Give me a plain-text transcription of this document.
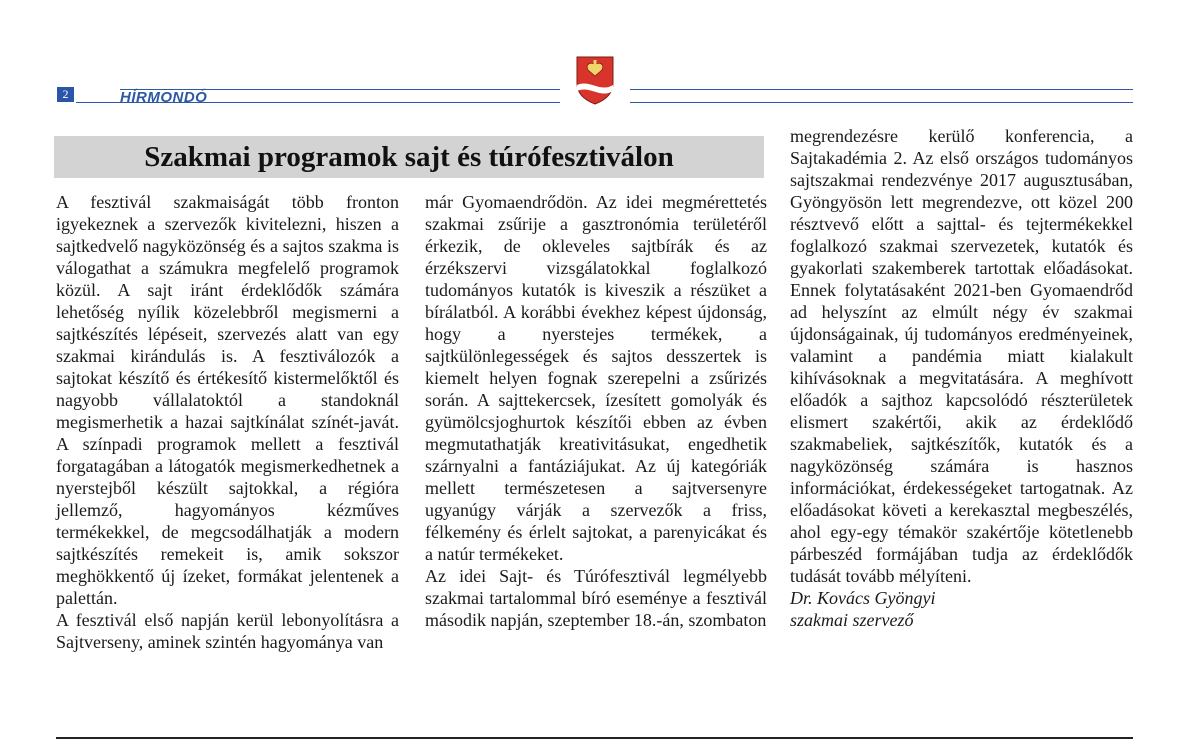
2	HÍRMONDÓ
Szakmai programok sajt és túrófesztiválon

A fesztivál szakmaiságát több fronton igyekeznek a szervezők kivitelezni, hiszen a sajtkedvelő nagyközönség és a sajtos szakma is válogathat a számukra megfelelő programok közül. A sajt iránt érdeklődők számára lehetőség nyílik közelebbről megismerni a sajtkészítés lépéseit, szervezés alatt van egy szakmai kirándulás is. A fesztiválozók a sajtokat készítő és értékesítő kistermelőktől és nagyobb vállalatoktól a standoknál megismerhetik a hazai sajtkínálat színét-javát. A színpadi programok mellett a fesztivál forgatagában a látogatók megismerkedhetnek a nyerstejből készült sajtokkal, a régióra jellemző, hagyományos kézműves termékekkel, de megcsodálhatják a modern sajtkészítés remekeit is, amik sokszor meghökkentő új ízeket, formákat jelentenek a palettán.

A fesztivál első napján kerül lebonyolításra a Sajtverseny, aminek szintén hagyománya van

már Gyomaendrődön. Az idei megmérettetés szakmai zsűrije a gasztronómia területéről érkezik, de okleveles sajtbírák és az érzékszervi vizsgálatokkal foglalkozó tudományos kutatók is kiveszik a részüket a bírálatból. A korábbi évekhez képest újdonság, hogy a nyerstejes termékek, a sajtkülönlegességek és sajtos desszertek is kiemelt helyen fognak szerepelni a zsűrizés során. A sajttekercsek, ízesített gomolyák és gyümölcsjoghurtok készítői ebben az évben megmutathatják kreativitásukat, engedhetik szárnyalni a fantáziájukat. Az új kategóriák mellett természetesen a sajtversenyre ugyanúgy várják a szervezők a friss, félkemény és érlelt sajtokat, a parenyicákat és a natúr termékeket.

Az idei Sajt- és Túrófesztivál legmélyebb szakmai tartalommal bíró eseménye a fesztivál második napján, szeptember 18.-án, szombaton

megrendezésre kerülő konferencia, a Sajtakadémia 2. Az első országos tudományos sajtszakmai rendezvénye 2017 augusztusában, Gyöngyösön lett megrendezve, ott közel 200 résztvevő előtt a sajttal- és tejtermékekkel foglalkozó szakmai szervezetek, kutatók és gyakorlati szakemberek tartottak előadásokat. Ennek folytatásaként 2021-ben Gyomaendrőd ad helyszínt az elmúlt négy év szakmai újdonságainak, új tudományos eredményeinek, valamint a pandémia miatt kialakult kihívásoknak a megvitatására. A meghívott előadók a sajthoz kapcsolódó részterületek elismert szakértői, akik az érdeklődő szakmabeliek, sajtkészítők, kutatók és a nagyközönség számára is hasznos információkat, érdekességeket tartogatnak. Az előadásokat követi a kerekasztal megbeszélés, ahol egy-egy témakör szakértője kötetlenebb párbeszéd formájában tudja az érdeklődők tudását tovább mélyíteni.

Dr. Kovács Gyöngyi

szakmai szervező
